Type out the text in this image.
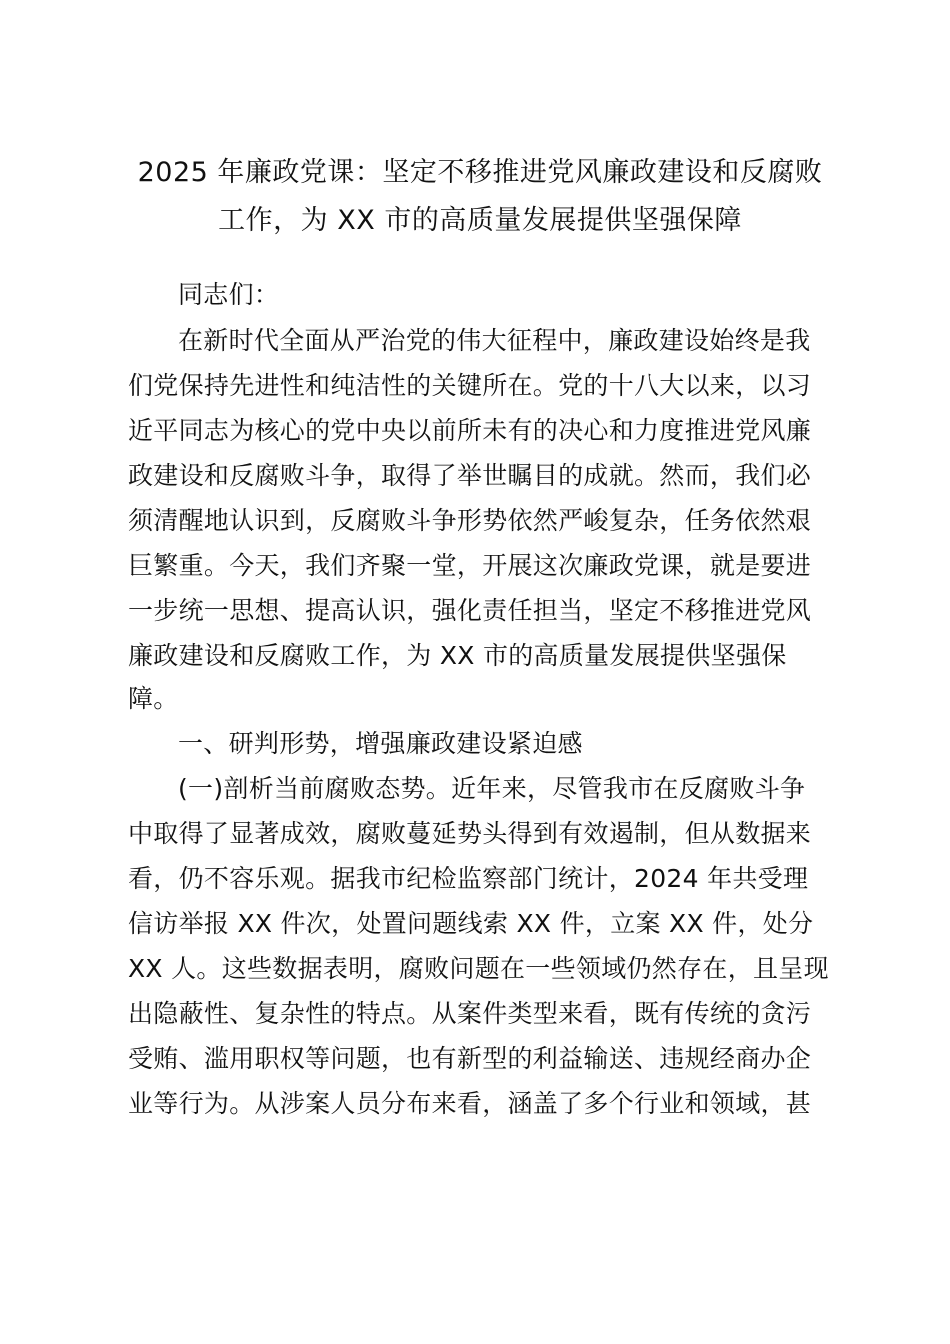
2025 年廉政党课：坚定不移推进党风廉政建设和反腐败
工作，为 XX 市的高质量发展提供坚强保障
同志们：
在新时代全面从严治党的伟大征程中，廉政建设始终是我
们党保持先进性和纯洁性的关键所在。党的十八大以来，以习
近平同志为核心的党中央以前所未有的决心和力度推进党风廉
政建设和反腐败斗争，取得了举世瞩目的成就。然而，我们必
须清醒地认识到，反腐败斗争形势依然严峻复杂，任务依然艰
巨繁重。今天，我们齐聚一堂，开展这次廉政党课，就是要进
一步统一思想、提高认识，强化责任担当，坚定不移推进党风
廉政建设和反腐败工作，为 XX 市的高质量发展提供坚强保
障。
一、研判形势，增强廉政建设紧迫感
(一)剖析当前腐败态势。近年来，尽管我市在反腐败斗争
中取得了显著成效，腐败蔓延势头得到有效遏制，但从数据来
看，仍不容乐观。据我市纪检监察部门统计，2024 年共受理
信访举报 XX 件次，处置问题线索 XX 件，立案 XX 件，处分
XX 人。这些数据表明，腐败问题在一些领域仍然存在，且呈现
出隐蔽性、复杂性的特点。从案件类型来看，既有传统的贪污
受贿、滥用职权等问题，也有新型的利益输送、违规经商办企
业等行为。从涉案人员分布来看，涵盖了多个行业和领域，甚
